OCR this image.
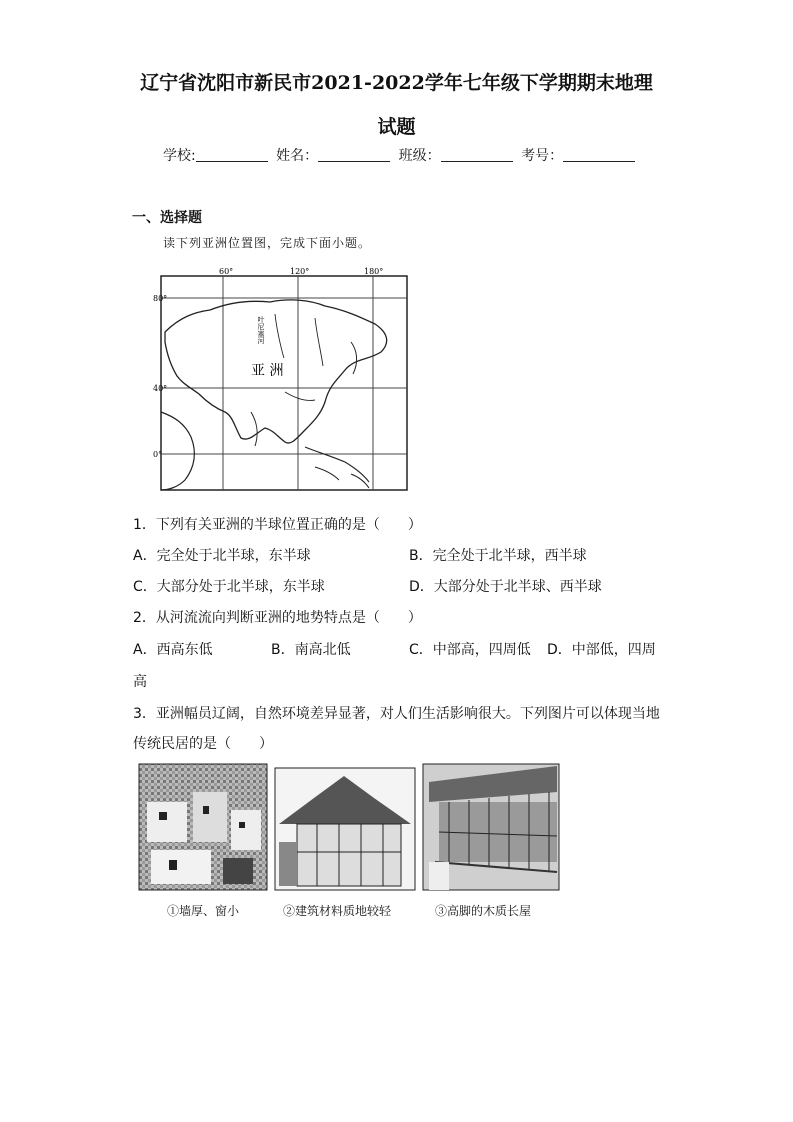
辽宁省沈阳市新民市2021-2022学年七年级下学期期末地理
试题
学校:	姓名：	班级：	考号：
一、选择题
读下列亚洲位置图，完成下面小题。
60°	120°	180°
80°
40°
0°
亚 洲
叶尼塞河
1．下列有关亚洲的半球位置正确的是（　　）
A．完全处于北半球，东半球	B．完全处于北半球，西半球
C．大部分处于北半球，东半球	D．大部分处于北半球、西半球
2．从河流流向判断亚洲的地势特点是（　　）
A．西高东低	B．南高北低	C．中部高，四周低 D．中部低，四周
高
3．亚洲幅员辽阔，自然环境差异显著，对人们生活影响很大。下列图片可以体现当地
传统民居的是（　　）
①墙厚、窗小	②建筑材料质地较轻	③高脚的木质长屋
